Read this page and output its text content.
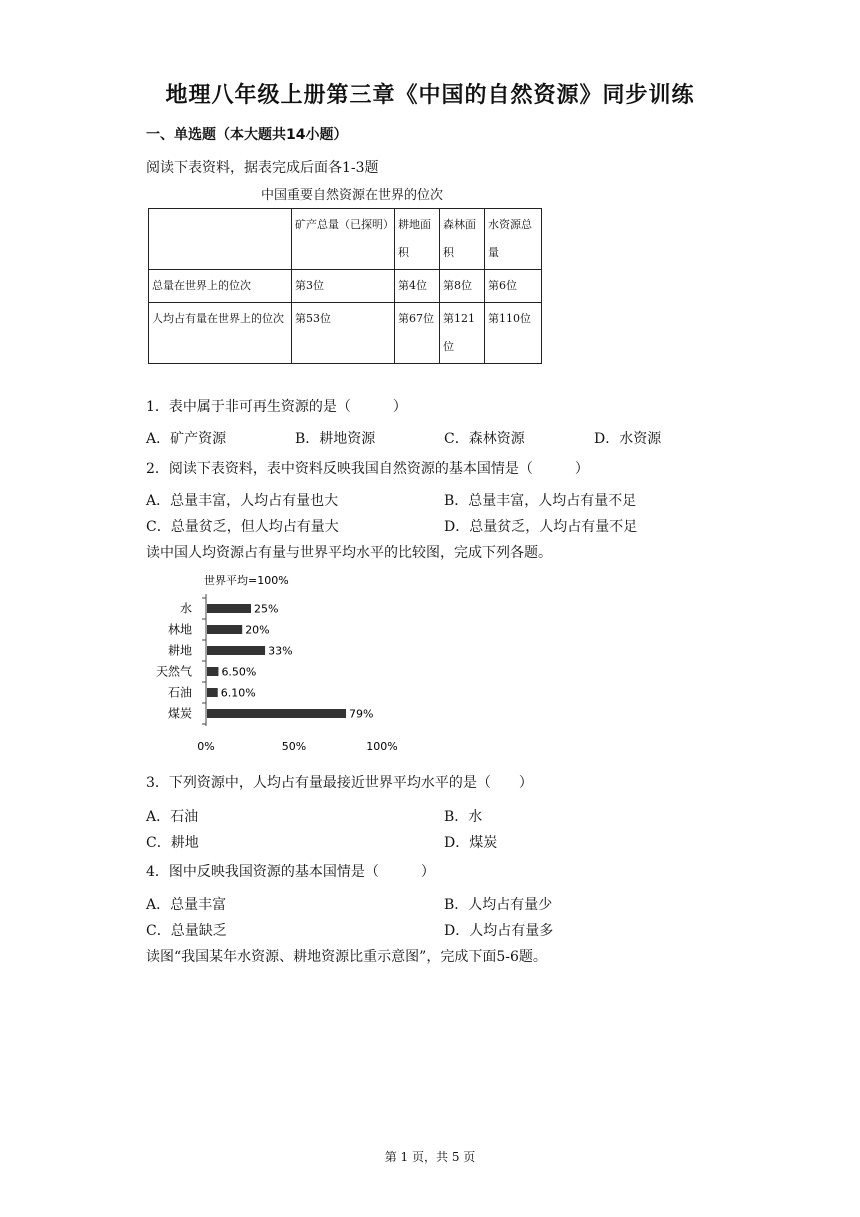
地理八年级上册第三章《中国的自然资源》同步训练
一、单选题（本大题共14小题）
阅读下表资料，据表完成后面各1-3题
中国重要自然资源在世界的位次
	矿产总量（已探明）	耕地面积	森林面积	水资源总量
总量在世界上的位次	第3位	第4位	第8位	第6位
人均占有量在世界上的位次	第53位	第67位	第121位	第110位
1．表中属于非可再生资源的是（　　　）
A．矿产资源	B．耕地资源	C．森林资源	D．水资源
2．阅读下表资料，表中资料反映我国自然资源的基本国情是（　　　）
A．总量丰富，人均占有量也大	B．总量丰富，人均占有量不足
C．总量贫乏，但人均占有量大	D．总量贫乏，人均占有量不足
读中国人均资源占有量与世界平均水平的比较图，完成下列各题。
世界平均=100%
水	25%
林地	20%
耕地	33%
天然气	6.50%
石油	6.10%
煤炭	79%
0%	50%	100%
3．下列资源中，人均占有量最接近世界平均水平的是（　　）
A．石油	B．水
C．耕地	D．煤炭
4．图中反映我国资源的基本国情是（　　　）
A．总量丰富	B．人均占有量少
C．总量缺乏	D．人均占有量多
读图“我国某年水资源、耕地资源比重示意图”，完成下面5-6题。
第 1 页，共 5 页
